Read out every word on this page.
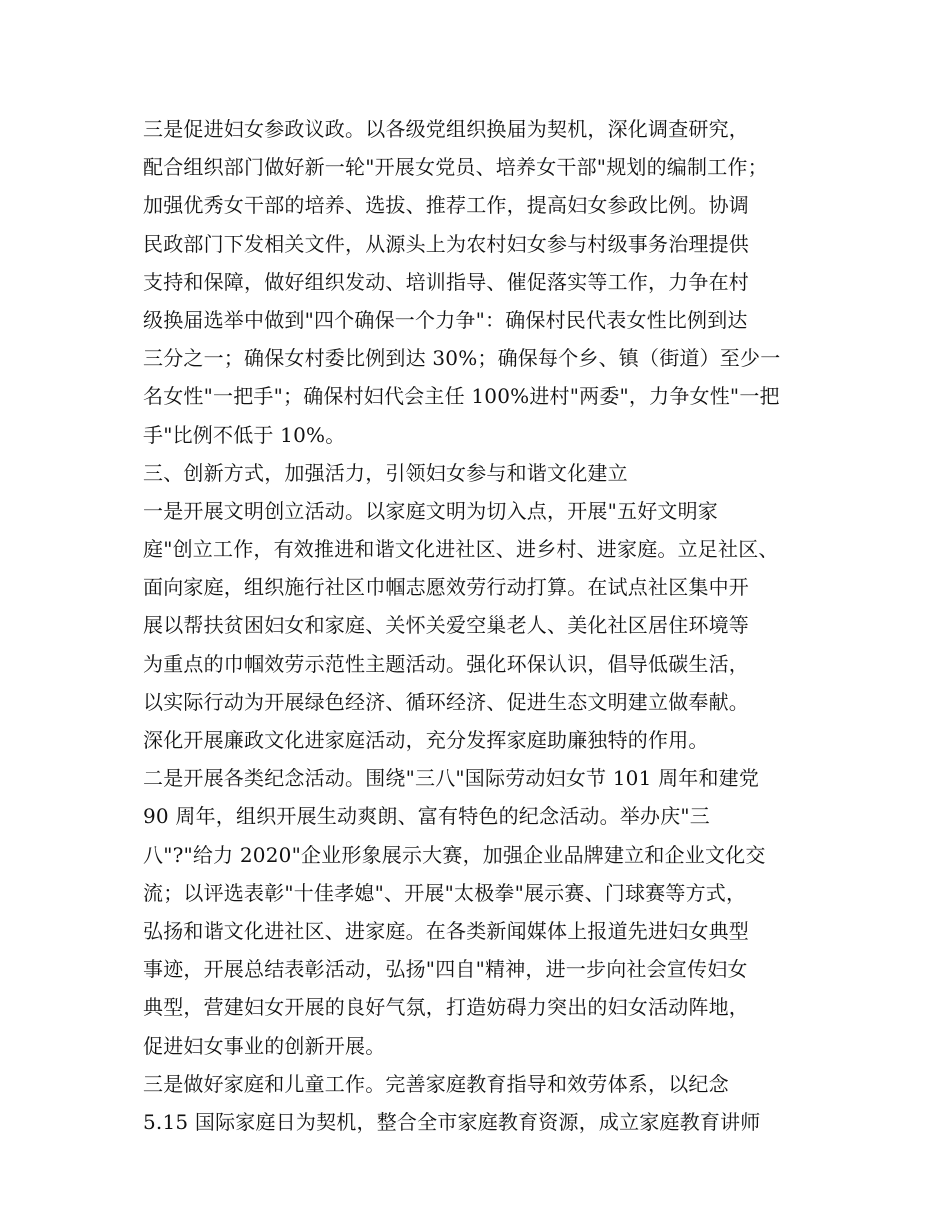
三是促进妇女参政议政。以各级党组织换届为契机，深化调查研究，
配合组织部门做好新一轮"开展女党员、培养女干部"规划的编制工作；
加强优秀女干部的培养、选拔、推荐工作，提高妇女参政比例。协调
民政部门下发相关文件，从源头上为农村妇女参与村级事务治理提供
支持和保障，做好组织发动、培训指导、催促落实等工作，力争在村
级换届选举中做到"四个确保一个力争"：确保村民代表女性比例到达
三分之一；确保女村委比例到达 30%；确保每个乡、镇（街道）至少一
名女性"一把手"；确保村妇代会主任 100%进村"两委"，力争女性"一把
手"比例不低于 10%。
三、创新方式，加强活力，引领妇女参与和谐文化建立
一是开展文明创立活动。以家庭文明为切入点，开展"五好文明家
庭"创立工作，有效推进和谐文化进社区、进乡村、进家庭。立足社区、
面向家庭，组织施行社区巾帼志愿效劳行动打算。在试点社区集中开
展以帮扶贫困妇女和家庭、关怀关爱空巢老人、美化社区居住环境等
为重点的巾帼效劳示范性主题活动。强化环保认识，倡导低碳生活，
以实际行动为开展绿色经济、循环经济、促进生态文明建立做奉献。
深化开展廉政文化进家庭活动，充分发挥家庭助廉独特的作用。
二是开展各类纪念活动。围绕"三八"国际劳动妇女节 101 周年和建党
90 周年，组织开展生动爽朗、富有特色的纪念活动。举办庆"三
八"?"给力 2020"企业形象展示大赛，加强企业品牌建立和企业文化交
流；以评选表彰"十佳孝媳"、开展"太极拳"展示赛、门球赛等方式，
弘扬和谐文化进社区、进家庭。在各类新闻媒体上报道先进妇女典型
事迹，开展总结表彰活动，弘扬"四自"精神，进一步向社会宣传妇女
典型，营建妇女开展的良好气氛，打造妨碍力突出的妇女活动阵地，
促进妇女事业的创新开展。
三是做好家庭和儿童工作。完善家庭教育指导和效劳体系，以纪念
5.15 国际家庭日为契机，整合全市家庭教育资源，成立家庭教育讲师
